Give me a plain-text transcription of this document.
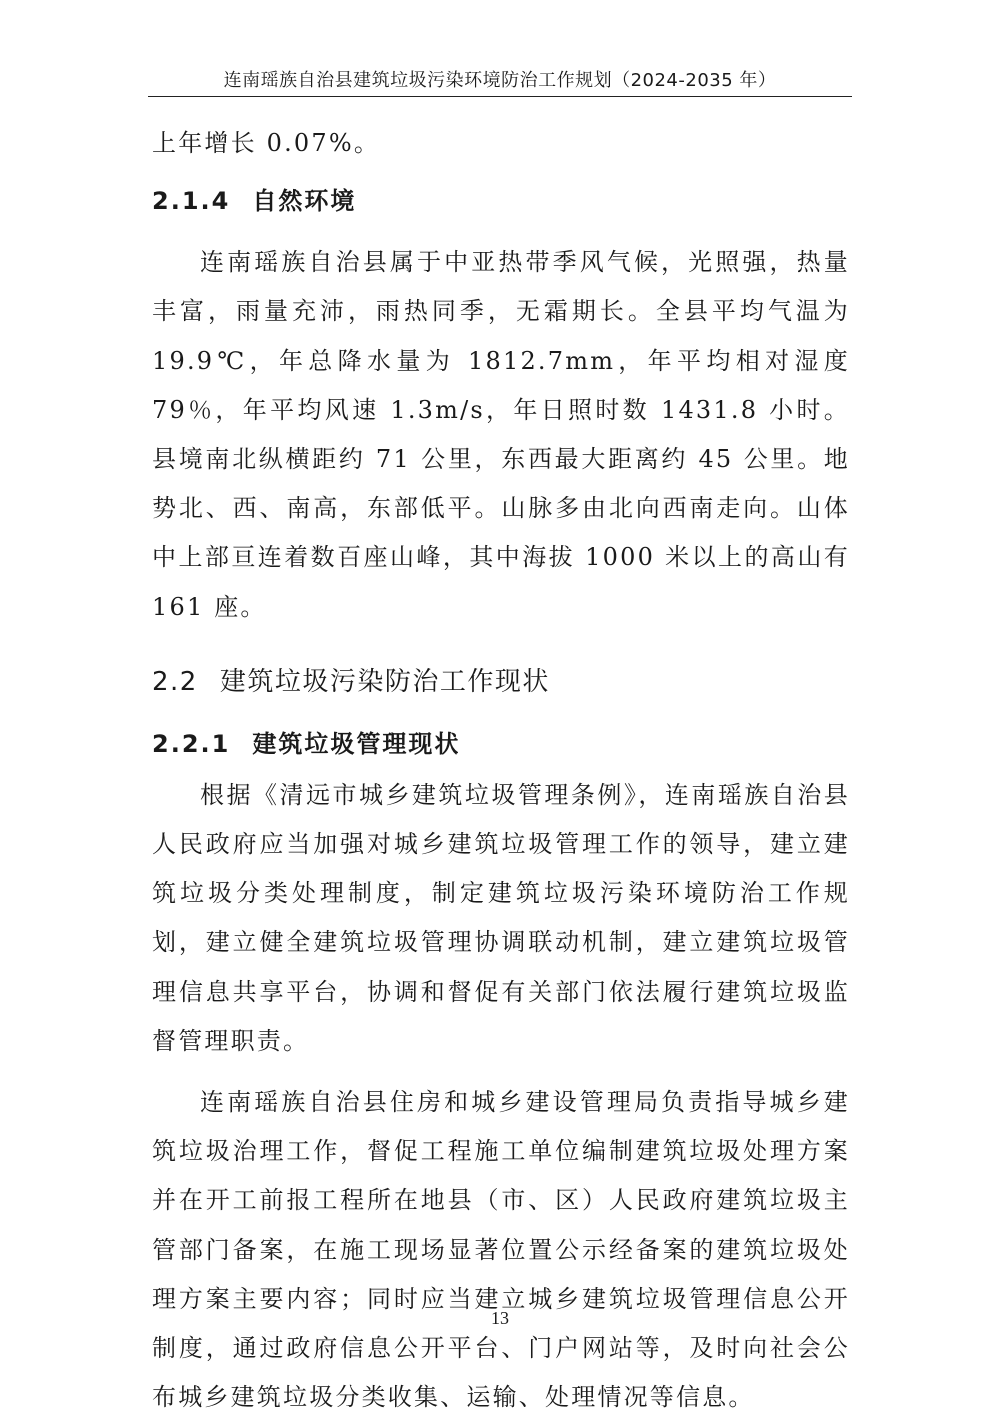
连南瑶族自治县建筑垃圾污染环境防治工作规划（2024-2035 年）

上年增长 0.07%。

2.1.4 自然环境

连南瑶族自治县属于中亚热带季风气候，光照强，热量丰富，雨量充沛，雨热同季，无霜期长。全县平均气温为 19.9℃，年总降水量为 1812.7mm，年平均相对湿度 79％，年平均风速 1.3m/s，年日照时数 1431.8 小时。县境南北纵横距约 71 公里，东西最大距离约 45 公里。地势北、西、南高，东部低平。山脉多由北向西南走向。山体中上部亘连着数百座山峰，其中海拔 1000 米以上的高山有 161 座。

2.2 建筑垃圾污染防治工作现状
2.2.1 建筑垃圾管理现状

根据《清远市城乡建筑垃圾管理条例》，连南瑶族自治县人民政府应当加强对城乡建筑垃圾管理工作的领导，建立建筑垃圾分类处理制度，制定建筑垃圾污染环境防治工作规划，建立健全建筑垃圾管理协调联动机制，建立建筑垃圾管理信息共享平台，协调和督促有关部门依法履行建筑垃圾监督管理职责。

连南瑶族自治县住房和城乡建设管理局负责指导城乡建筑垃圾治理工作，督促工程施工单位编制建筑垃圾处理方案并在开工前报工程所在地县（市、区）人民政府建筑垃圾主管部门备案，在施工现场显著位置公示经备案的建筑垃圾处理方案主要内容；同时应当建立城乡建筑垃圾管理信息公开制度，通过政府信息公开平台、门户网站等，及时向社会公布城乡建筑垃圾分类收集、运输、处理情况等信息。

13
